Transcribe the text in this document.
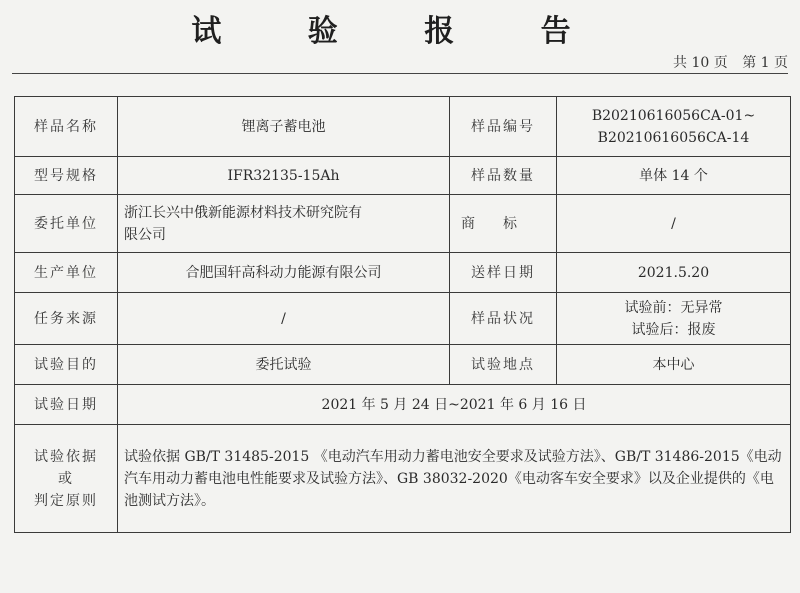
试 验 报 告
共 10 页 第 1 页
样品名称	锂离子蓄电池	样品编号	B20210616056CA-01~
B20210616056CA-14

型号规格	IFR32135-15Ah	样品数量	单体 14 个
委托单位	浙江长兴中俄新能源材料技术研究院有
限公司	商标	/
生产单位	合肥国轩高科动力能源有限公司	送样日期	2021.5.20
任务来源	/	样品状况	试验前：无异常
试验后：报废

试验目的	委托试验	试验地点	本中心
试验日期	2021 年 5 月 24 日~2021 年 6 月 16 日		

试验依据
或
判定原则	试验依据 GB/T 31485-2015 《电动汽车用动力蓄电池安全要求及试验方法》、GB/T 31486-2015《电动汽车用动力蓄电池电性能要求及试验方法》、GB 38032-2020《电动客车安全要求》以及企业提供的《电池测试方法》。		
